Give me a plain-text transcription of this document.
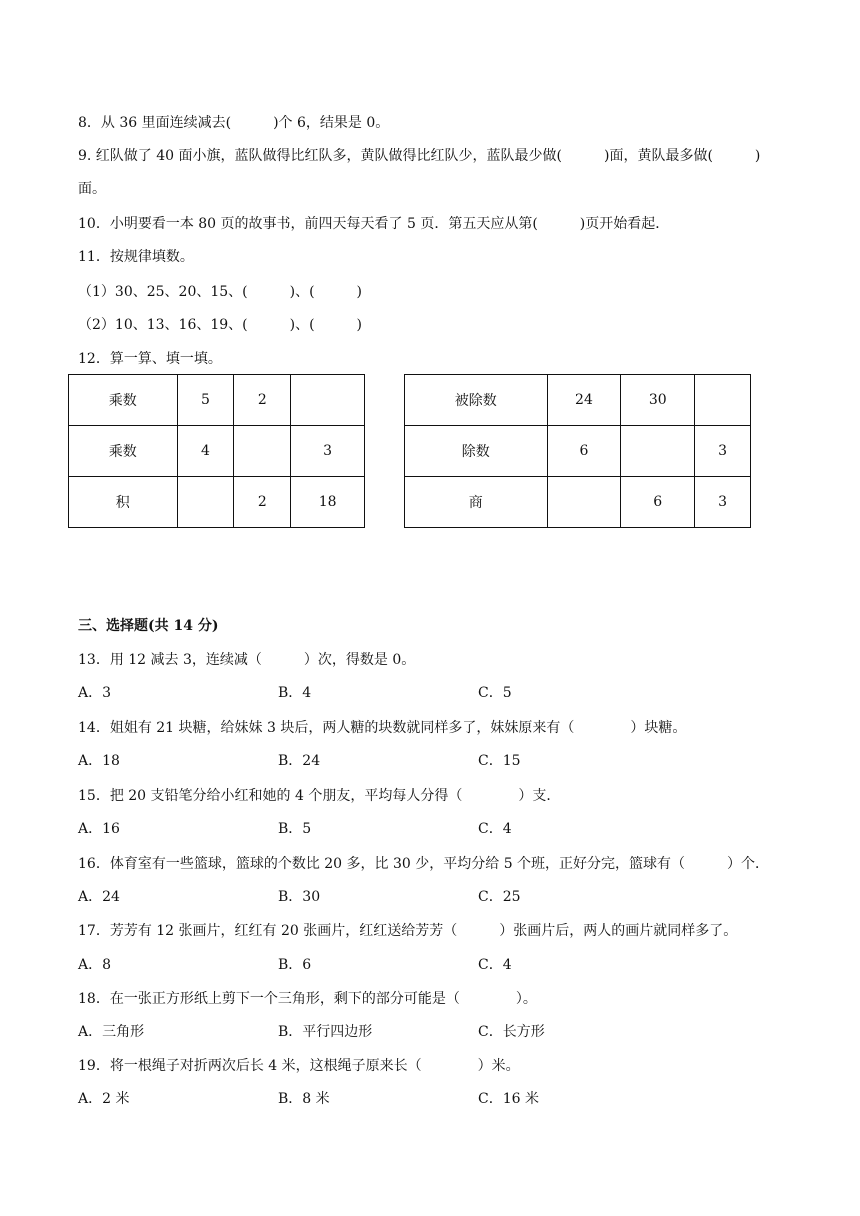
8．从 36 里面连续减去(　　　)个 6，结果是 0。
9. 红队做了 40 面小旗，蓝队做得比红队多，黄队做得比红队少，蓝队最少做(　　　)面，黄队最多做(　　　)
面。
10．小明要看一本 80 页的故事书，前四天每天看了 5 页．第五天应从第(　　　)页开始看起．
11．按规律填数。
（1）30、25、20、15、(　　　)、(　　　)
（2）10、13、16、19、(　　　)、(　　　)
12．算一算、填一填。
乘数	5	2	
乘数	4		3
积		2	18
被除数	24	30	
除数	6		3
商		6	3
三、选择题(共 14 分)
13．用 12 减去 3，连续减（　　　）次，得数是 0。
A．3	B．4	C．5
14．姐姐有 21 块糖，给妹妹 3 块后，两人糖的块数就同样多了，妹妹原来有（　　　　）块糖。
A．18	B．24	C．15
15．把 20 支铅笔分给小红和她的 4 个朋友，平均每人分得（　　　　）支．
A．16	B．5	C．4
16．体育室有一些篮球，篮球的个数比 20 多，比 30 少，平均分给 5 个班，正好分完，篮球有（　　　）个．
A．24	B．30	C．25
17．芳芳有 12 张画片，红红有 20 张画片，红红送给芳芳（　　　）张画片后，两人的画片就同样多了。
A．8	B．6	C．4
18．在一张正方形纸上剪下一个三角形，剩下的部分可能是（　　　　）。
A．三角形	B．平行四边形	C．长方形
19．将一根绳子对折两次后长 4 米，这根绳子原来长（　　　　）米。
A．2 米	B．8 米	C．16 米
